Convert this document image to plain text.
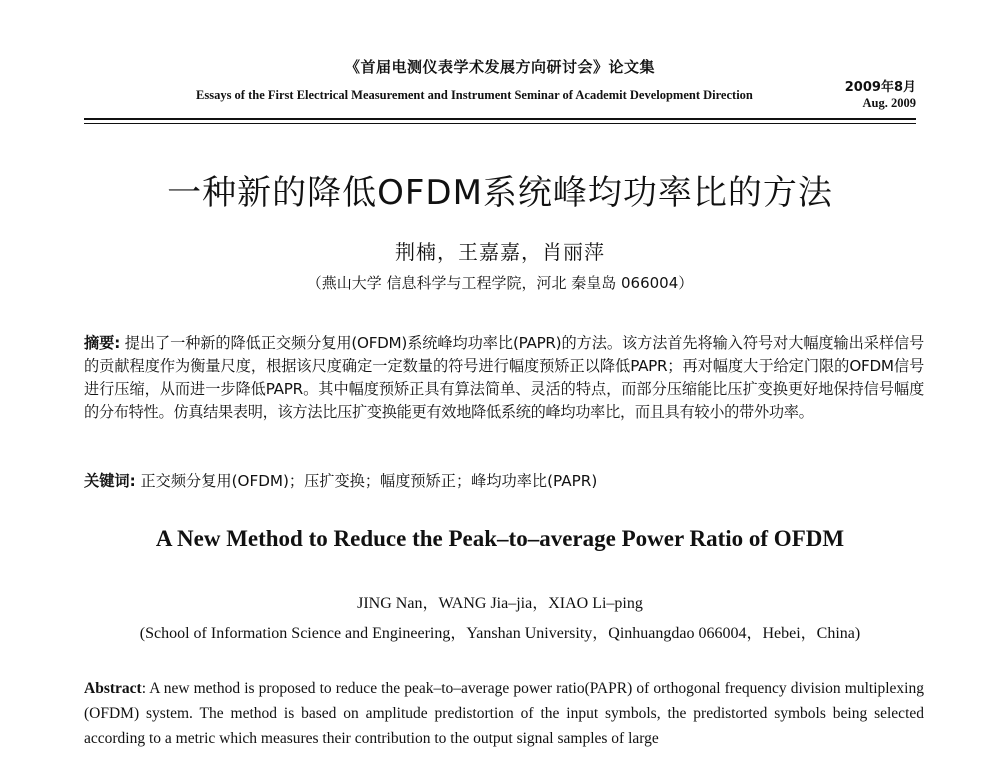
《首届电测仪表学术发展方向研讨会》论文集
Essays of the First Electrical Measurement and Instrument Seminar of Academit Development Direction	2009年8月
Aug. 2009
一种新的降低OFDM系统峰均功率比的方法
荆楠，王嘉嘉，肖丽萍
（燕山大学 信息科学与工程学院，河北 秦皇岛 066004）
摘要: 提出了一种新的降低正交频分复用(OFDM)系统峰均功率比(PAPR)的方法。该方法首先将输入符号对大幅度输出采样信号的贡献程度作为衡量尺度，根据该尺度确定一定数量的符号进行幅度预矫正以降低PAPR；再对幅度大于给定门限的OFDM信号进行压缩，从而进一步降低PAPR。其中幅度预矫正具有算法简单、灵活的特点，而部分压缩能比压扩变换更好地保持信号幅度的分布特性。仿真结果表明，该方法比压扩变换能更有效地降低系统的峰均功率比，而且具有较小的带外功率。
关键词: 正交频分复用(OFDM)；压扩变换；幅度预矫正；峰均功率比(PAPR)
A New Method to Reduce the Peak–to–average Power Ratio of OFDM
JING Nan，WANG Jia–jia，XIAO Li–ping
(School of Information Science and Engineering，Yanshan University，Qinhuangdao 066004，Hebei，China)
Abstract: A new method is proposed to reduce the peak–to–average power ratio(PAPR) of orthogonal frequency division multiplexing (OFDM) system. The method is based on amplitude predistortion of the input symbols, the predistorted symbols being selected according to a metric which measures their contribution to the output signal samples of large
